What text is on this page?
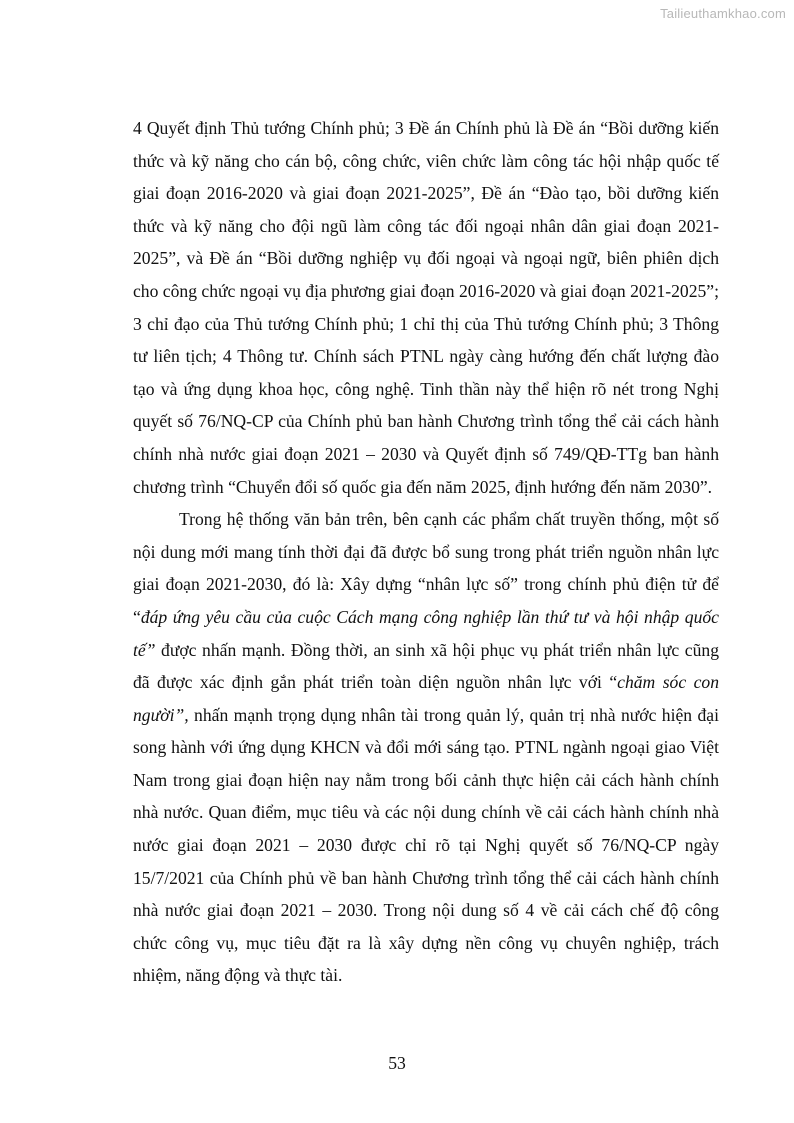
Tailieuthamkhao.com

4 Quyết định Thủ tướng Chính phủ; 3 Đề án Chính phủ là Đề án “Bồi dưỡng kiến thức và kỹ năng cho cán bộ, công chức, viên chức làm công tác hội nhập quốc tế giai đoạn 2016-2020 và giai đoạn 2021-2025”, Đề án “Đào tạo, bồi dưỡng kiến thức và kỹ năng cho đội ngũ làm công tác đối ngoại nhân dân giai đoạn 2021-2025”, và Đề án “Bồi dưỡng nghiệp vụ đối ngoại và ngoại ngữ, biên phiên dịch cho công chức ngoại vụ địa phương giai đoạn 2016-2020 và giai đoạn 2021-2025”; 3 chỉ đạo của Thủ tướng Chính phủ; 1 chỉ thị của Thủ tướng Chính phủ; 3 Thông tư liên tịch; 4 Thông tư. Chính sách PTNL ngày càng hướng đến chất lượng đào tạo và ứng dụng khoa học, công nghệ. Tinh thần này thể hiện rõ nét trong Nghị quyết số 76/NQ-CP của Chính phủ ban hành Chương trình tổng thể cải cách hành chính nhà nước giai đoạn 2021 – 2030 và Quyết định số 749/QĐ-TTg ban hành chương trình “Chuyển đổi số quốc gia đến năm 2025, định hướng đến năm 2030”.

Trong hệ thống văn bản trên, bên cạnh các phẩm chất truyền thống, một số nội dung mới mang tính thời đại đã được bổ sung trong phát triển nguồn nhân lực giai đoạn 2021-2030, đó là: Xây dựng “nhân lực số” trong chính phủ điện tử để “đáp ứng yêu cầu của cuộc Cách mạng công nghiệp lần thứ tư và hội nhập quốc tế” được nhấn mạnh. Đồng thời, an sinh xã hội phục vụ phát triển nhân lực cũng đã được xác định gắn phát triển toàn diện nguồn nhân lực với “chăm sóc con người”, nhấn mạnh trọng dụng nhân tài trong quản lý, quản trị nhà nước hiện đại song hành với ứng dụng KHCN và đổi mới sáng tạo. PTNL ngành ngoại giao Việt Nam trong giai đoạn hiện nay nằm trong bối cảnh thực hiện cải cách hành chính nhà nước. Quan điểm, mục tiêu và các nội dung chính về cải cách hành chính nhà nước giai đoạn 2021 – 2030 được chỉ rõ tại Nghị quyết số 76/NQ-CP ngày 15/7/2021 của Chính phủ về ban hành Chương trình tổng thể cải cách hành chính nhà nước giai đoạn 2021 – 2030. Trong nội dung số 4 về cải cách chế độ công chức công vụ, mục tiêu đặt ra là xây dựng nền công vụ chuyên nghiệp, trách nhiệm, năng động và thực tài.

53
